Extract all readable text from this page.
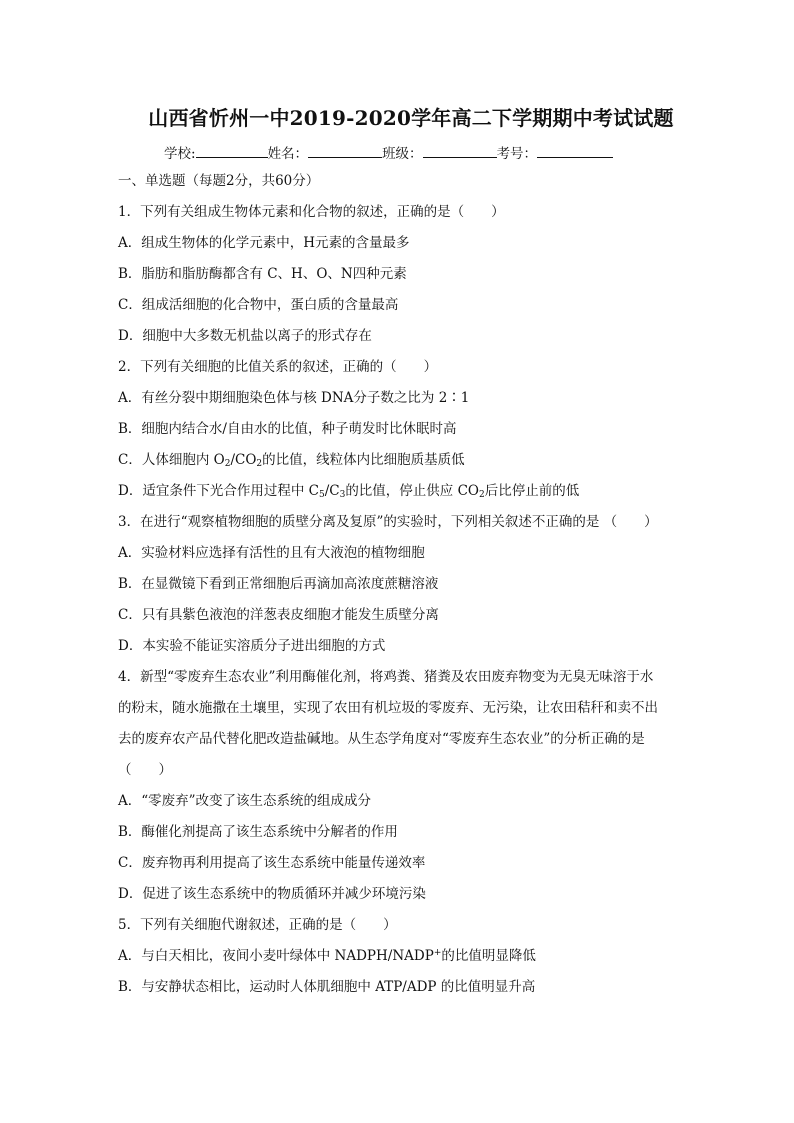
山西省忻州一中2019-2020学年高二下学期期中考试试题
学校:	姓名：	班级：	考号：
一、单选题（每题2分，共60分）
1．下列有关组成生物体元素和化合物的叙述，正确的是（　　）
A．组成生物体的化学元素中，H元素的含量最多
B．脂肪和脂肪酶都含有 C、H、O、N四种元素
C．组成活细胞的化合物中，蛋白质的含量最高
D．细胞中大多数无机盐以离子的形式存在
2．下列有关细胞的比值关系的叙述，正确的（　　）
A．有丝分裂中期细胞染色体与核 DNA分子数之比为 2∶1
B．细胞内结合水/自由水的比值，种子萌发时比休眠时高
C．人体细胞内 $O_2/CO_2$的比值，线粒体内比细胞质基质低
D．适宜条件下光合作用过程中 $C_5/C_3$的比值，停止供应 $CO_2$后比停止前的低
3．在进行“观察植物细胞的质壁分离及复原”的实验时，下列相关叙述不正确的是 （　　）
A．实验材料应选择有活性的且有大液泡的植物细胞
B．在显微镜下看到正常细胞后再滴加高浓度蔗糖溶液
C．只有具紫色液泡的洋葱表皮细胞才能发生质壁分离
D．本实验不能证实溶质分子进出细胞的方式
4．新型“零废弃生态农业”利用酶催化剂，将鸡粪、猪粪及农田废弃物变为无臭无味溶于水
的粉末，随水施撒在土壤里，实现了农田有机垃圾的零废弃、无污染，让农田秸秆和卖不出
去的废弃农产品代替化肥改造盐碱地。从生态学角度对“零废弃生态农业”的分析正确的是
（　　）
A．“零废弃”改变了该生态系统的组成成分
B．酶催化剂提高了该生态系统中分解者的作用
C．废弃物再利用提高了该生态系统中能量传递效率
D．促进了该生态系统中的物质循环并减少环境污染
5．下列有关细胞代谢叙述，正确的是（　　）
A．与白天相比，夜间小麦叶绿体中 NADPH/NADP+的比值明显降低
B．与安静状态相比，运动时人体肌细胞中 ATP/ADP 的比值明显升高
